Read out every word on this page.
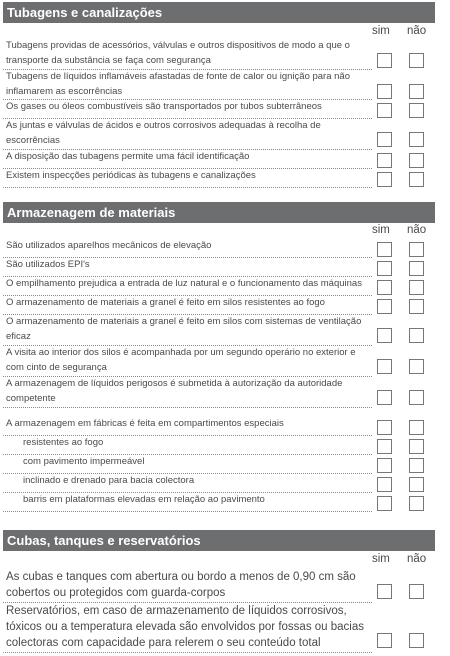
Tubagens e canalizações
sim não
Tubagens providas de acessórios, válvulas e outros dispositivos de modo a que o transporte da substância se faça com segurança
Tubagens de líquidos inflamáveis afastadas de fonte de calor ou ignição para não inflamarem as escorrências
Os gases ou óleos combustíveis são transportados por tubos subterrâneos
As juntas e válvulas de ácidos e outros corrosivos adequadas à recolha de escorrências
A disposição das tubagens permite uma fácil identificação
Existem inspecções periódicas às tubagens e canalizações
Armazenagem de materiais
sim não
São utilizados aparelhos mecânicos de elevação
São utilizados EPI's
O empilhamento prejudica a entrada de luz natural e o funcionamento das máquinas
O armazenamento de materiais a granel é feito em silos resistentes ao fogo
O armazenamento de materiais a granel é feito em silos com sistemas de ventilação eficaz
A visita ao interior dos silos é acompanhada por um segundo operário no exterior e com cinto de segurança
A armazenagem de líquidos perigosos é submetida à autorização da autoridade competente
A armazenagem em fábricas é feita em compartimentos especiais
resistentes ao fogo
com pavimento impermeável
inclinado e drenado para bacia colectora
barris em plataformas elevadas em relação ao pavimento
Cubas, tanques e reservatórios
sim não
As cubas e tanques com abertura ou bordo a menos de 0,90 cm são cobertos ou protegidos com guarda-corpos
Reservatórios, em caso de armazenamento de líquidos corrosivos, tóxicos ou a temperatura elevada são envolvidos por fossas ou bacias colectoras com capacidade para relerem o seu conteúdo total
